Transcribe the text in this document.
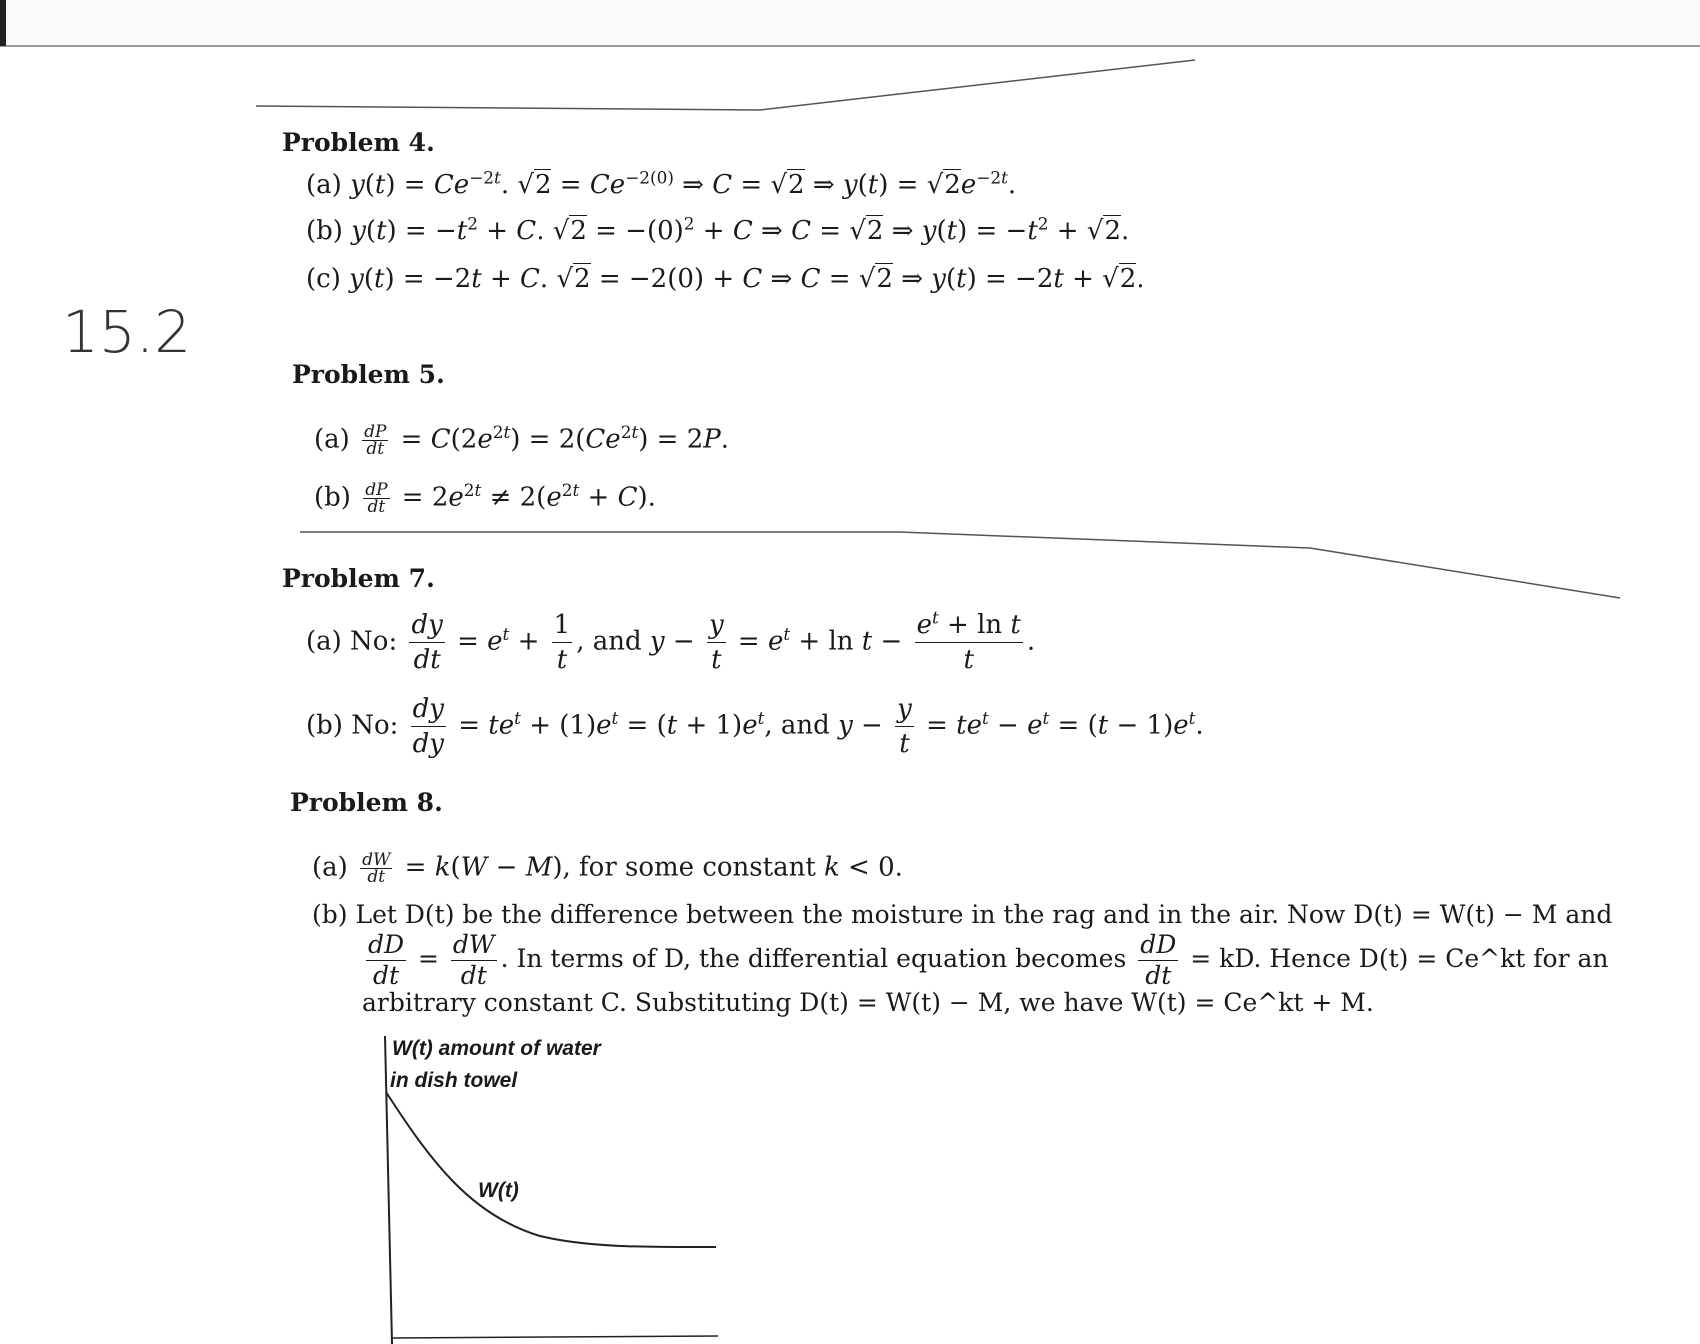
15.2
Problem 4.
(a) $y(t) = Ce^{-2t}$. $√2 = Ce^{-2(0)}$ ⇒ C = √2 ⇒ $y(t) = √2e^{-2t}$.
(b) $y(t) = -t^2 + C$. $√2 = -(0)^2 + C$ ⇒ C = √2 ⇒ $y(t) = -t^2 + √2$.
(c) y(t) = −2t + C. √2 = −2(0) + C ⇒ C = √2 ⇒ y(t) = −2t + √2.
Problem 5.
$(a) \frac{dP}{dt} = C(2e^{2t}) = 2(Ce^{2t}) = 2P$.
$(b) \frac{dP}{dt} = 2e^{2t} \ne 2(e^{2t} + C)$.
Problem 7.
(a) No: $\frac{dy}{dt} = e^t + \frac{1}{t}$ , and $y - \frac{y}{t} = e^t + \ln t - \frac{e^t + \ln t}{t}$ .
(b) No: $\frac{dy}{dy} = te^t + (1)e^t = (t + 1)e^t$, and $y - \frac{y}{t} = te^t - e^t = (t - 1)e^t$.
Problem 8.
$(a) \frac{dW}{dt} = k(W - M)$, for some constant k < 0.
(b) Let D(t) be the difference between the moisture in the rag and in the air. Now D(t) = W(t) − M and
$\frac{dD}{dt} = \frac{dW}{dt}$ . In terms of D, the differential equation becomes $\frac{dD}{dt}$ = kD. Hence D(t) = Ce^kt for an
arbitrary constant C. Substituting D(t) = W(t) − M, we have W(t) = Ce^kt + M.
W(t) amount of water
in dish towel
W(t)
